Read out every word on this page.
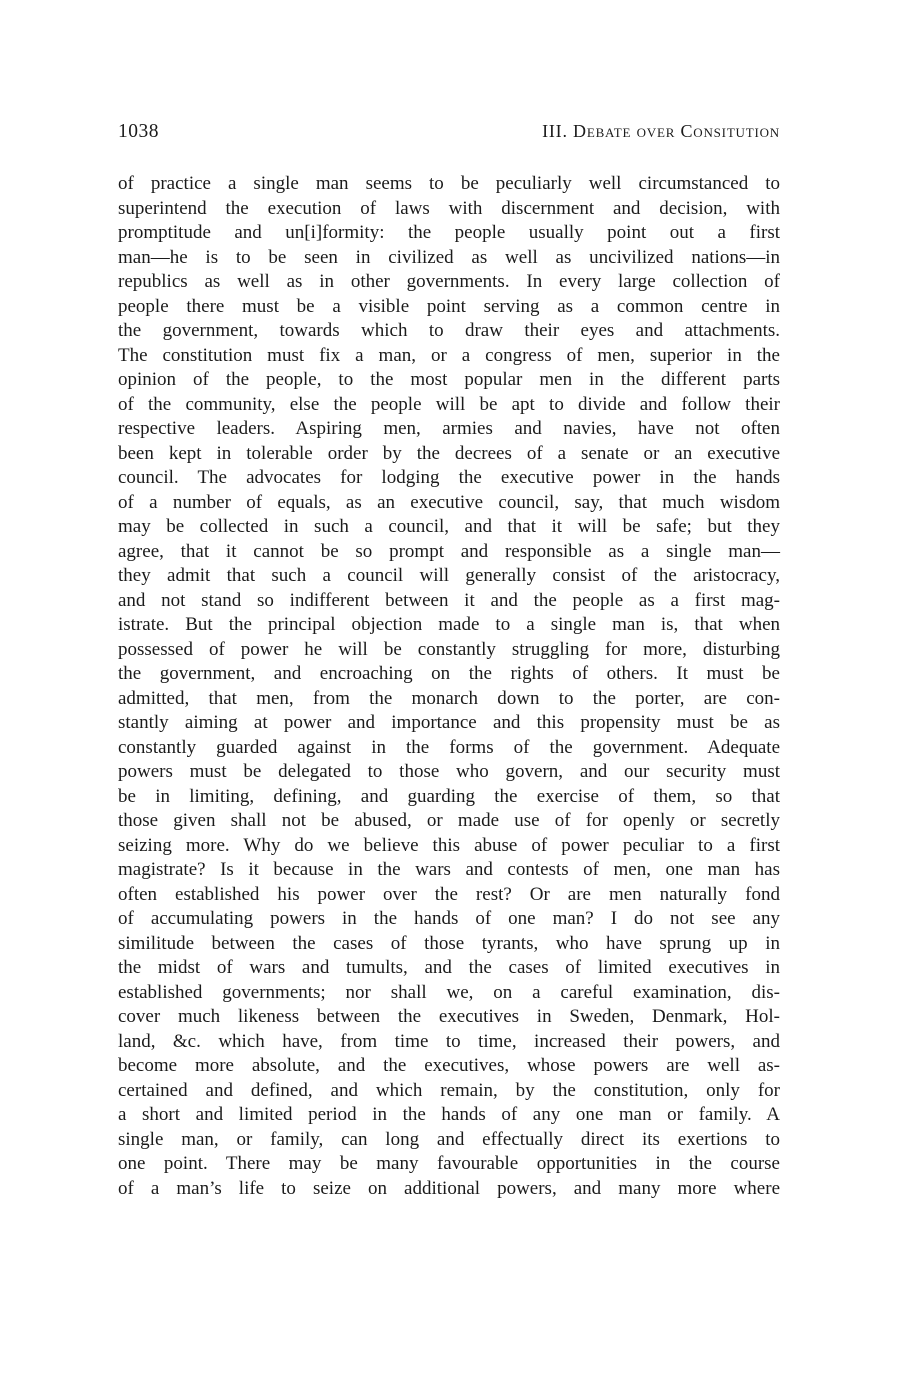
1038	III. Debate over Consitution
of practice a single man seems to be peculiarly well circumstanced to
superintend the execution of laws with discernment and decision, with
promptitude and un[i]formity: the people usually point out a first
man—he is to be seen in civilized as well as uncivilized nations—in
republics as well as in other governments. In every large collection of
people there must be a visible point serving as a common centre in
the government, towards which to draw their eyes and attachments.
The constitution must fix a man, or a congress of men, superior in the
opinion of the people, to the most popular men in the different parts
of the community, else the people will be apt to divide and follow their
respective leaders. Aspiring men, armies and navies, have not often
been kept in tolerable order by the decrees of a senate or an executive
council. The advocates for lodging the executive power in the hands
of a number of equals, as an executive council, say, that much wisdom
may be collected in such a council, and that it will be safe; but they
agree, that it cannot be so prompt and responsible as a single man—
they admit that such a council will generally consist of the aristocracy,
and not stand so indifferent between it and the people as a first mag-
istrate. But the principal objection made to a single man is, that when
possessed of power he will be constantly struggling for more, disturbing
the government, and encroaching on the rights of others. It must be
admitted, that men, from the monarch down to the porter, are con-
stantly aiming at power and importance and this propensity must be as
constantly guarded against in the forms of the government. Adequate
powers must be delegated to those who govern, and our security must
be in limiting, defining, and guarding the exercise of them, so that
those given shall not be abused, or made use of for openly or secretly
seizing more. Why do we believe this abuse of power peculiar to a first
magistrate? Is it because in the wars and contests of men, one man has
often established his power over the rest? Or are men naturally fond
of accumulating powers in the hands of one man? I do not see any
similitude between the cases of those tyrants, who have sprung up in
the midst of wars and tumults, and the cases of limited executives in
established governments; nor shall we, on a careful examination, dis-
cover much likeness between the executives in Sweden, Denmark, Hol-
land, &c. which have, from time to time, increased their powers, and
become more absolute, and the executives, whose powers are well as-
certained and defined, and which remain, by the constitution, only for
a short and limited period in the hands of any one man or family. A
single man, or family, can long and effectually direct its exertions to
one point. There may be many favourable opportunities in the course
of a man’s life to seize on additional powers, and many more where
